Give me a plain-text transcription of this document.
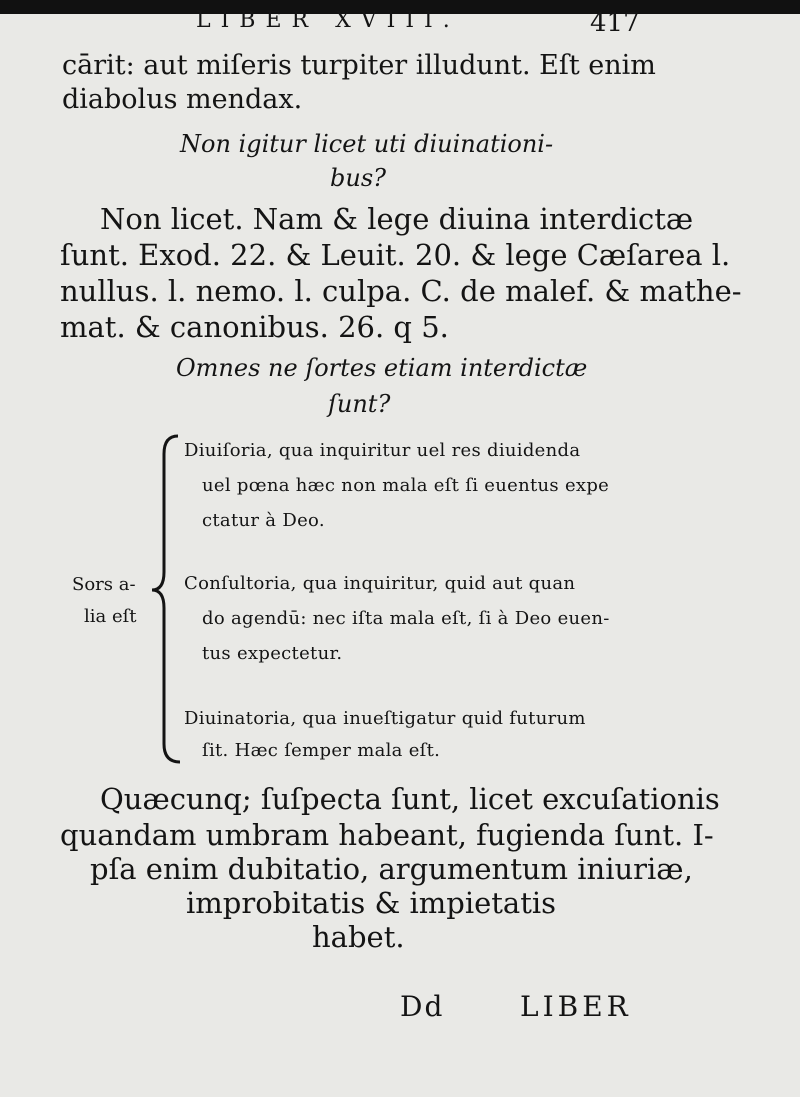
LIBER XVIII.	417
cārit: aut miſeris turpiter illudunt. Eſt enim
diabolus mendax.
Non igitur licet uti diuinationi-
bus?
Non licet. Nam & lege diuina interdictæ
ſunt. Exod. 22. & Leuit. 20. & lege Cæſarea l.
nullus. l. nemo. l. culpa. C. de malef. & mathe-
mat. & canonibus. 26. q 5.
Omnes ne ſortes etiam interdictæ
ſunt?
Sors a-
lia eſt
Diuiſoria, qua inquiritur uel res diuidenda
uel pœna hæc non mala eſt ſi euentus expe
ctatur à Deo.
Conſultoria, qua inquiritur, quid aut quan
do agendū: nec iſta mala eſt, ſi à Deo euen-
tus expectetur.
Diuinatoria, qua inueſtigatur quid futurum
ſit. Hæc ſemper mala eſt.
Quæcunq; ſuſpecta ſunt, licet excuſationis
quandam umbram habeant, fugienda ſunt. I-
pſa enim dubitatio, argumentum iniuriæ,
improbitatis & impietatis
habet.
Dd	LIBER
